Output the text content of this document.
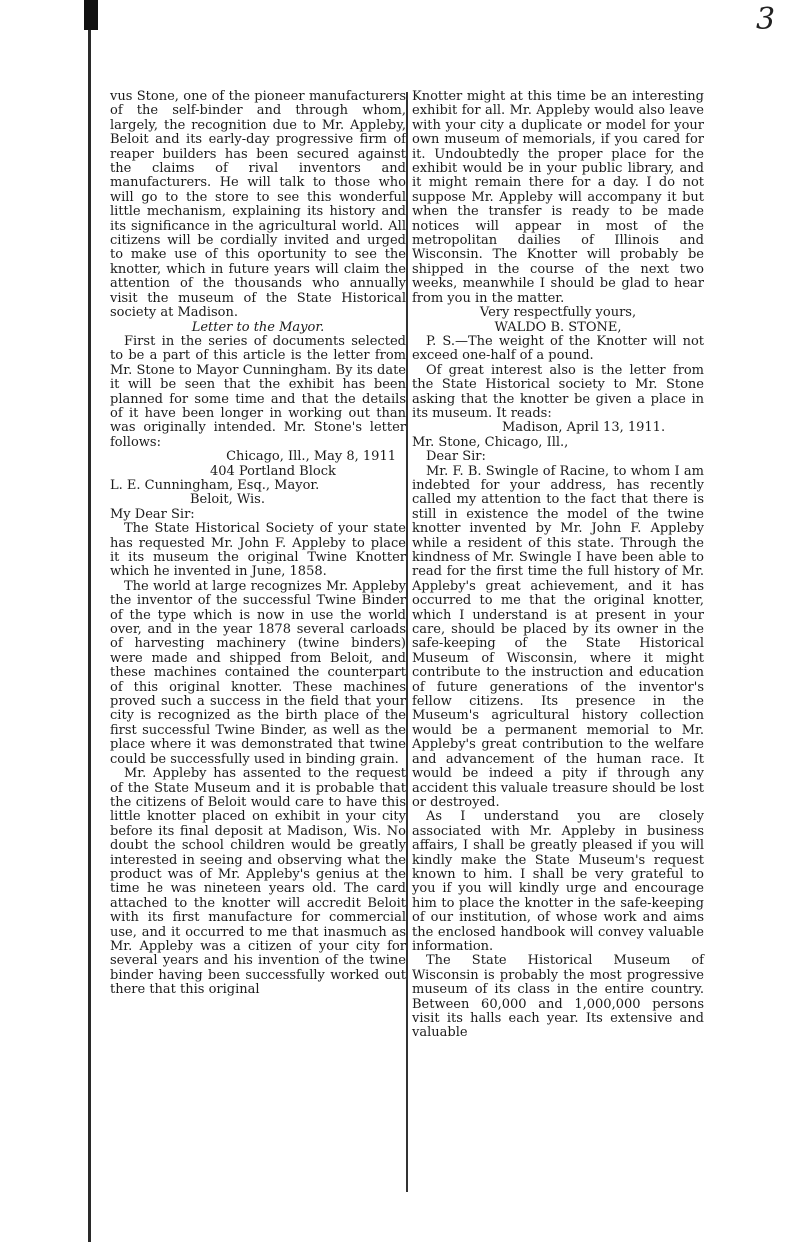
3

vus Stone, one of the pioneer manufacturers of the self-binder and through whom, largely, the recognition due to Mr. Appleby, Beloit and its early-day progressive firm of reaper builders has been secured against the claims of rival inventors and manufacturers. He will talk to those who will go to the store to see this wonderful little mechanism, explaining its history and its significance in the agricultural world. All citizens will be cordially invited and urged to make use of this oportunity to see the knotter, which in future years will claim the attention of the thousands who annually visit the museum of the State Historical society at Madison.

Letter to the Mayor.

First in the series of documents selected to be a part of this article is the letter from Mr. Stone to Mayor Cunningham. By its date it will be seen that the exhibit has been planned for some time and that the details of it have been longer in working out than was originally intended. Mr. Stone's letter follows:

Chicago, Ill., May 8, 1911

404 Portland Block

L. E. Cunningham, Esq., Mayor.

Beloit, Wis.

My Dear Sir:

The State Historical Society of your state has requested Mr. John F. Appleby to place it its museum the original Twine Knotter which he invented in June, 1858.

The world at large recognizes Mr. Appleby the inventor of the successful Twine Binder of the type which is now in use the world over, and in the year 1878 several carloads of harvesting machinery (twine binders) were made and shipped from Beloit, and these machines contained the counterpart of this original knotter. These machines proved such a success in the field that your city is recognized as the birth place of the first successful Twine Binder, as well as the place where it was demonstrated that twine could be successfully used in binding grain.

Mr. Appleby has assented to the request of the State Museum and it is probable that the citizens of Beloit would care to have this little knotter placed on exhibit in your city before its final deposit at Madison, Wis. No doubt the school children would be greatly interested in seeing and observing what the product was of Mr. Appleby's genius at the time he was nineteen years old. The card attached to the knotter will accredit Beloit with its first manufacture for commercial use, and it occurred to me that inasmuch as Mr. Appleby was a citizen of your city for several years and his invention of the twine binder having been successfully worked out there that this original

Knotter might at this time be an interesting exhibit for all. Mr. Appleby would also leave with your city a duplicate or model for your own museum of memorials, if you cared for it. Undoubtedly the proper place for the exhibit would be in your public library, and it might remain there for a day. I do not suppose Mr. Appleby will accompany it but when the transfer is ready to be made notices will appear in most of the metropolitan dailies of Illinois and Wisconsin. The Knotter will probably be shipped in the course of the next two weeks, meanwhile I should be glad to hear from you in the matter.

Very respectfully yours,

WALDO B. STONE,

P. S.—The weight of the Knotter will not exceed one-half of a pound.

Of great interest also is the letter from the State Historical society to Mr. Stone asking that the knotter be given a place in its museum. It reads:

Madison, April 13, 1911.

Mr. Stone, Chicago, Ill.,

Dear Sir:

Mr. F. B. Swingle of Racine, to whom I am indebted for your address, has recently called my attention to the fact that there is still in existence the model of the twine knotter invented by Mr. John F. Appleby while a resident of this state. Through the kindness of Mr. Swingle I have been able to read for the first time the full history of Mr. Appleby's great achievement, and it has occurred to me that the original knotter, which I understand is at present in your care, should be placed by its owner in the safe-keeping of the State Historical Museum of Wisconsin, where it might contribute to the instruction and education of future generations of the inventor's fellow citizens. Its presence in the Museum's agricultural history collection would be a permanent memorial to Mr. Appleby's great contribution to the welfare and advancement of the human race. It would be indeed a pity if through any accident this valuale treasure should be lost or destroyed.

As I understand you are closely associated with Mr. Appleby in business affairs, I shall be greatly pleased if you will kindly make the State Museum's request known to him. I shall be very grateful to you if you will kindly urge and encourage him to place the knotter in the safe-keeping of our institution, of whose work and aims the enclosed handbook will convey valuable information.

The State Historical Museum of Wisconsin is probably the most progressive museum of its class in the entire country. Between 60,000 and 1,000,000 persons visit its halls each year. Its extensive and valuable
